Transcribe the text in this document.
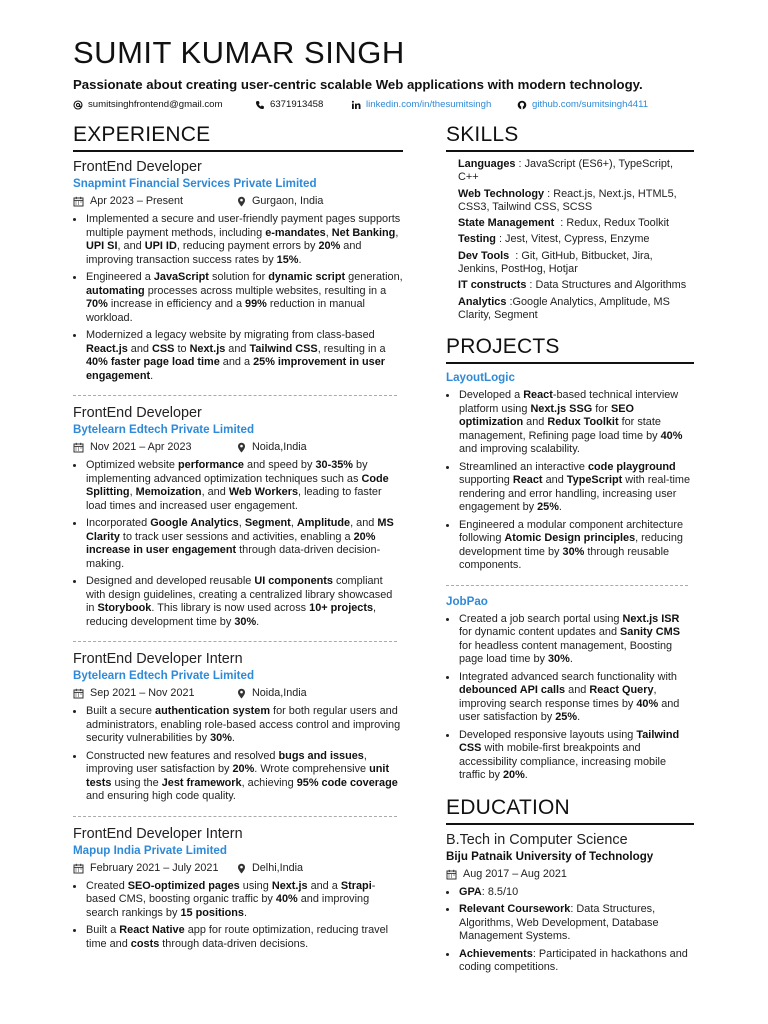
SUMIT KUMAR SINGH
Passionate about creating user-centric scalable Web applications with modern technology.
sumitsinghfrontend@gmail.com	6371913458	linkedin.com/in/thesumitsingh	github.com/sumitsingh4411
EXPERIENCE
FrontEnd Developer
Snapmint Financial Services Private Limited
Apr 2023 – Present	Gurgaon, India
• Implemented a secure and user-friendly payment pages supports multiple payment methods, including e-mandates, Net Banking, UPI SI, and UPI ID, reducing payment errors by 20% and improving transaction success rates by 15%.
• Engineered a JavaScript solution for dynamic script generation, automating processes across multiple websites, resulting in a 70% increase in efficiency and a 99% reduction in manual workload.
• Modernized a legacy website by migrating from class-based React.js and CSS to Next.js and Tailwind CSS, resulting in a 40% faster page load time and a 25% improvement in user engagement.
FrontEnd Developer
Bytelearn Edtech Private Limited
Nov 2021 – Apr 2023	Noida,India
• Optimized website performance and speed by 30-35% by implementing advanced optimization techniques such as Code Splitting, Memoization, and Web Workers, leading to faster load times and increased user engagement.
• Incorporated Google Analytics, Segment, Amplitude, and MS Clarity to track user sessions and activities, enabling a 20% increase in user engagement through data-driven decision-making.
• Designed and developed reusable UI components compliant with design guidelines, creating a centralized library showcased in Storybook. This library is now used across 10+ projects, reducing development time by 30%.
FrontEnd Developer Intern
Bytelearn Edtech Private Limited
Sep 2021 – Nov 2021	Noida,India
• Built a secure authentication system for both regular users and administrators, enabling role-based access control and improving security vulnerabilities by 30%.
• Constructed new features and resolved bugs and issues, improving user satisfaction by 20%. Wrote comprehensive unit tests using the Jest framework, achieving 95% code coverage and ensuring high code quality.
FrontEnd Developer Intern
Mapup India Private Limited
February 2021 – July 2021	Delhi,India
• Created SEO-optimized pages using Next.js and a Strapi-based CMS, boosting organic traffic by 40% and improving search rankings by 15 positions.
• Built a React Native app for route optimization, reducing travel time and costs through data-driven decisions.
SKILLS
Languages : JavaScript (ES6+), TypeScript, C++
Web Technology : React.js, Next.js, HTML5, CSS3, Tailwind CSS, SCSS
State Management  : Redux, Redux Toolkit
Testing : Jest, Vitest, Cypress, Enzyme
Dev Tools  : Git, GitHub, Bitbucket, Jira, Jenkins, PostHog, Hotjar
IT constructs : Data Structures and Algorithms
Analytics :Google Analytics, Amplitude, MS Clarity, Segment
PROJECTS
LayoutLogic
• Developed a React-based technical interview platform using Next.js SSG for SEO optimization and Redux Toolkit for state management, Refining page load time by 40% and improving scalability.
• Streamlined an interactive code playground supporting React and TypeScript with real-time rendering and error handling, increasing user engagement by 25%.
• Engineered a modular component architecture following Atomic Design principles, reducing development time by 30% through reusable components.
JobPao
• Created a job search portal using Next.js ISR for dynamic content updates and Sanity CMS for headless content management, Boosting page load time by 30%.
• Integrated advanced search functionality with debounced API calls and React Query, improving search response times by 40% and user satisfaction by 25%.
• Developed responsive layouts using Tailwind CSS with mobile-first breakpoints and accessibility compliance, increasing mobile traffic by 20%.
EDUCATION
B.Tech in Computer Science
Biju Patnaik University of Technology
Aug 2017 – Aug 2021
• GPA: 8.5/10
• Relevant Coursework: Data Structures, Algorithms, Web Development, Database Management Systems.
• Achievements: Participated in hackathons and coding competitions.
